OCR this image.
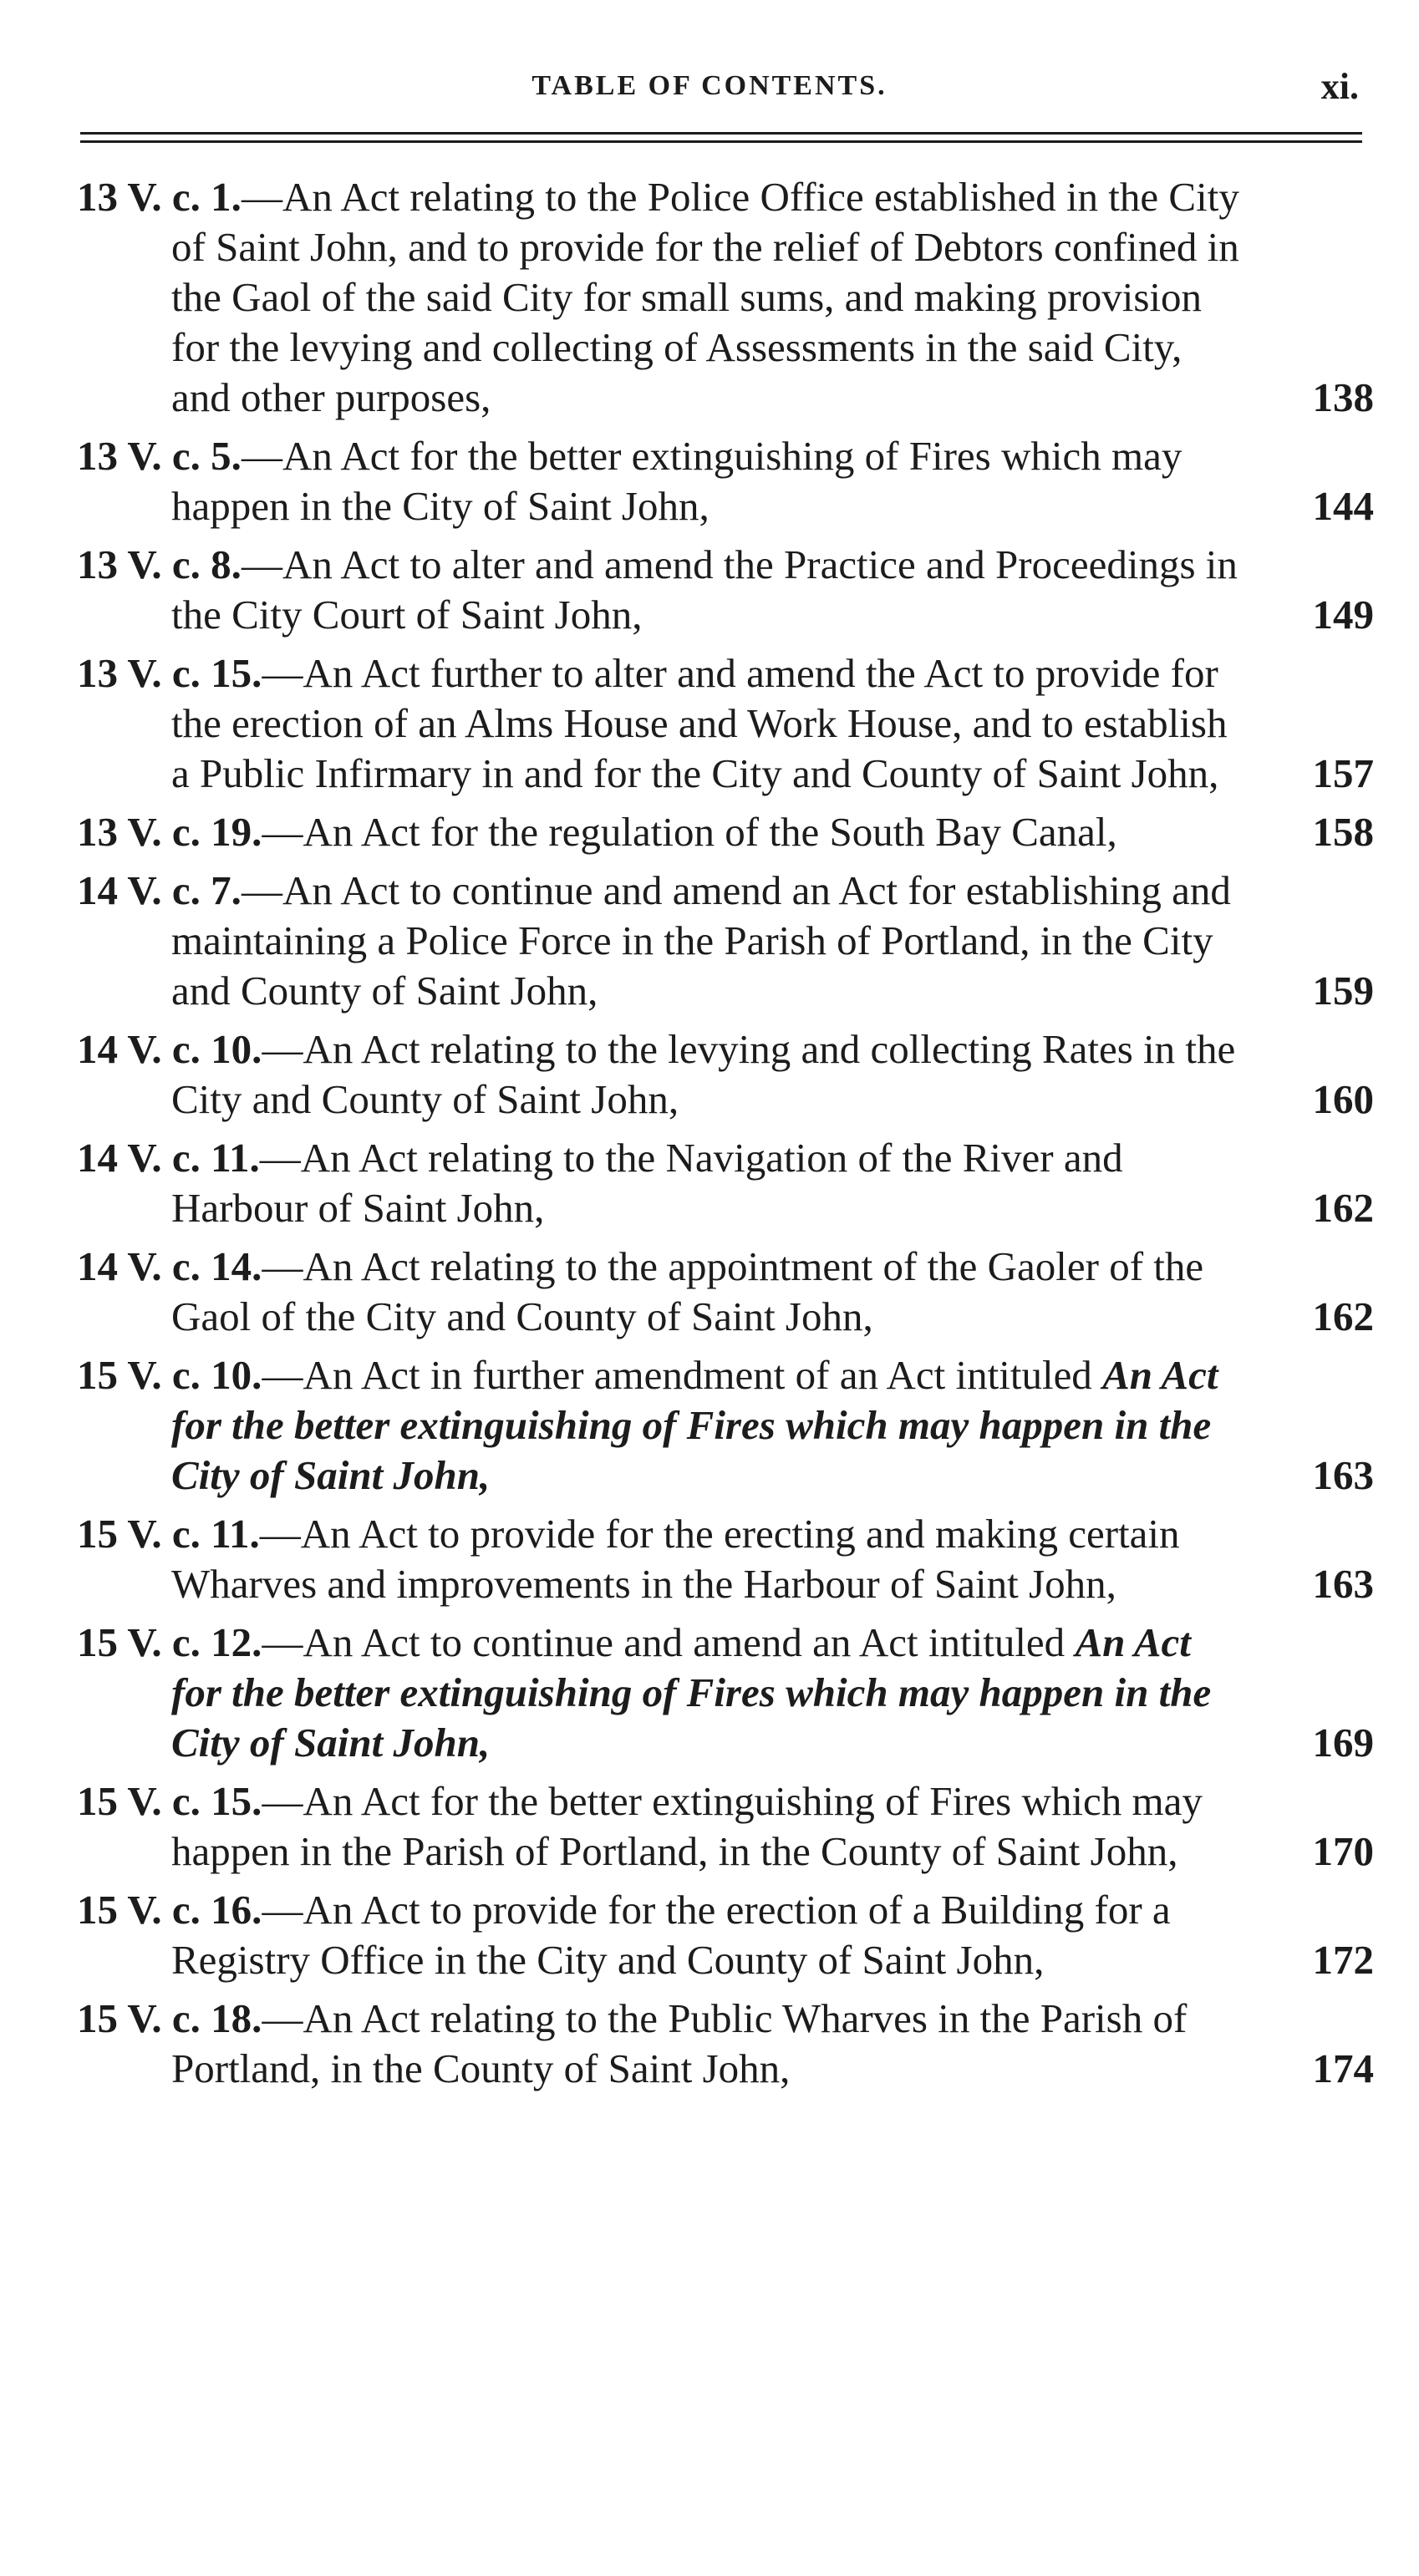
TABLE OF CONTENTS.	xi.
13 V. c. 1.—An Act relating to the Police Office established in the City of Saint John, and to provide for the relief of Debtors confined in the Gaol of the said City for small sums, and making provision for the levying and collecting of Assessments in the said City, and other purposes,	138
13 V. c. 5.—An Act for the better extinguishing of Fires which may happen in the City of Saint John,	144
13 V. c. 8.—An Act to alter and amend the Practice and Proceedings in the City Court of Saint John,	149
13 V. c. 15.—An Act further to alter and amend the Act to provide for the erection of an Alms House and Work House, and to establish a Public Infirmary in and for the City and County of Saint John, 157
13 V. c. 19.—An Act for the regulation of the South Bay Canal,	158
14 V. c. 7.—An Act to continue and amend an Act for establishing and maintaining a Police Force in the Parish of Portland, in the City and County of Saint John,	159
14 V. c. 10.—An Act relating to the levying and collecting Rates in the City and County of Saint John,	160
14 V. c. 11.—An Act relating to the Navigation of the River and Harbour of Saint John,	162
14 V. c. 14.—An Act relating to the appointment of the Gaoler of the Gaol of the City and County of Saint John,	162
15 V. c. 10.—An Act in further amendment of an Act intituled An Act for the better extinguishing of Fires which may happen in the City of Saint John,	163
15 V. c. 11.—An Act to provide for the erecting and making certain Wharves and improvements in the Harbour of Saint John,	163
15 V. c. 12.—An Act to continue and amend an Act intituled An Act for the better extinguishing of Fires which may happen in the City of Saint John,	169
15 V. c. 15.—An Act for the better extinguishing of Fires which may happen in the Parish of Portland, in the County of Saint John,	170
15 V. c. 16.—An Act to provide for the erection of a Building for a Registry Office in the City and County of Saint John,	172
15 V. c. 18.—An Act relating to the Public Wharves in the Parish of Portland, in the County of Saint John,	174
